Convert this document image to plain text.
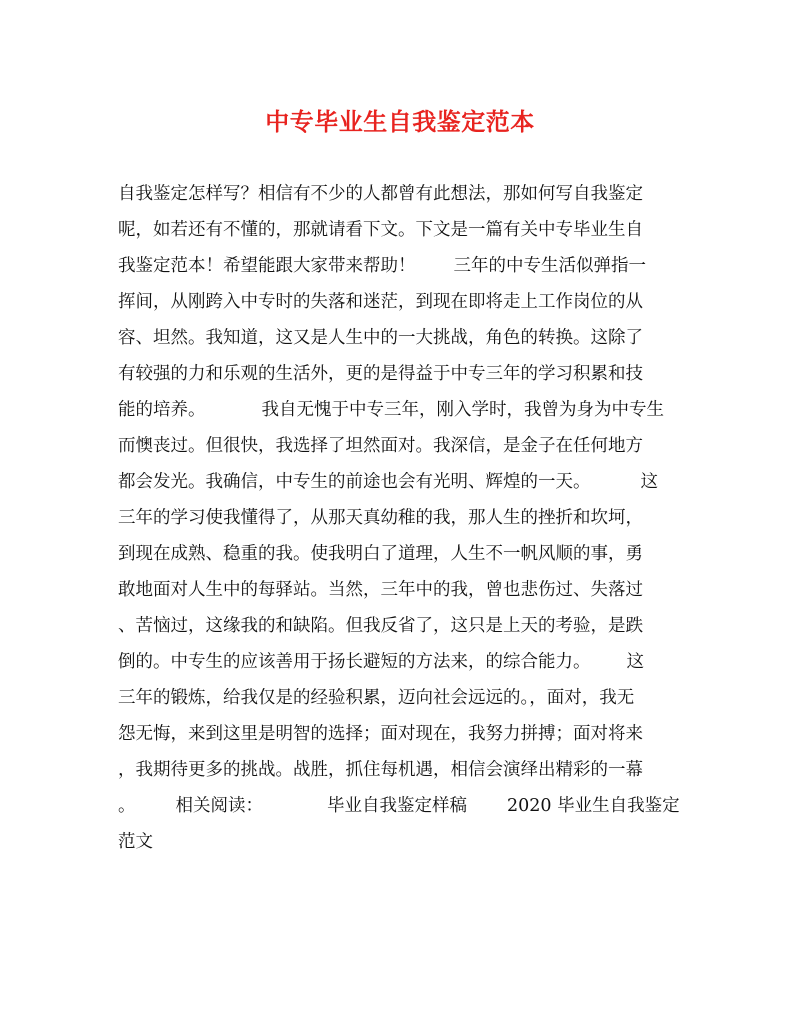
中专毕业生自我鉴定范本
自我鉴定怎样写？相信有不少的人都曾有此想法，那如何写自我鉴定
呢，如若还有不懂的，那就请看下文。下文是一篇有关中专毕业生自
我鉴定范本！希望能跟大家带来帮助！ 三年的中专生活似弹指一
挥间，从刚跨入中专时的失落和迷茫，到现在即将走上工作岗位的从
容、坦然。我知道，这又是人生中的一大挑战，角色的转换。这除了
有较强的力和乐观的生活外，更的是得益于中专三年的学习积累和技
能的培养。	我自无愧于中专三年，刚入学时，我曾为身为中专生
而懊丧过。但很快，我选择了坦然面对。我深信，是金子在任何地方
都会发光。我确信，中专生的前途也会有光明、辉煌的一天。	这
三年的学习使我懂得了，从那天真幼稚的我，那人生的挫折和坎坷，
到现在成熟、稳重的我。使我明白了道理，人生不一帆风顺的事，勇
敢地面对人生中的每驿站。当然，三年中的我，曾也悲伤过、失落过
、苦恼过，这缘我的和缺陷。但我反省了，这只是上天的考验，是跌
倒的。中专生的应该善用于扬长避短的方法来，的综合能力。 这
三年的锻炼，给我仅是的经验积累，迈向社会远远的。，面对，我无
怨无悔，来到这里是明智的选择；面对现在，我努力拼搏；面对将来
，我期待更多的挑战。战胜，抓住每机遇，相信会演绎出精彩的一幕
。 相关阅读：	毕业自我鉴定样稿 2020 毕业生自我鉴定
范文
